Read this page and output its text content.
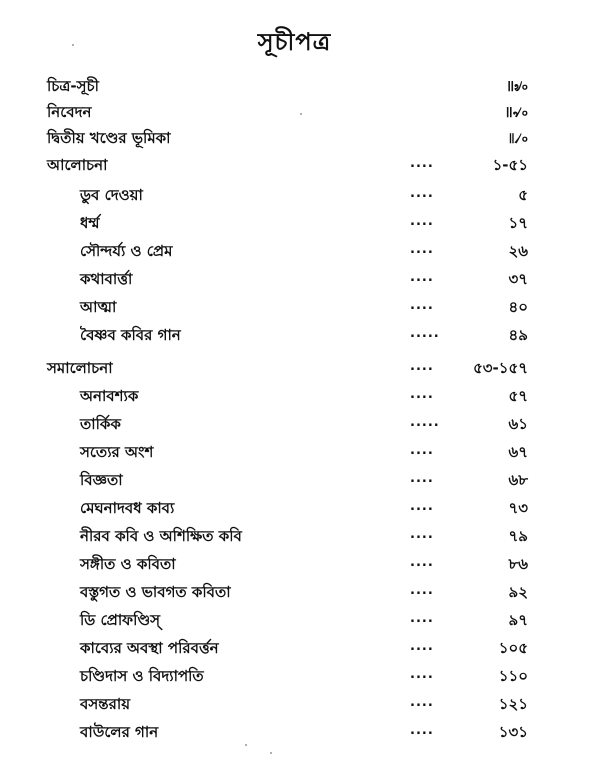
সূচীপত্র
চিত্র-সূচী	॥৶৹
নিবেদন	॥৵৹
দ্বিতীয় খণ্ডের ভূমিকা	৷৷৴৹
আলোচনা	....	১-৫১
ডুব দেওয়া	....	৫
ধর্ম্ম	....	১৭
সৌন্দর্য্য ও প্রেম	....	২৬
কথাবার্ত্তা	....	৩৭
আত্মা	....	৪০
বৈষ্ণব কবির গান	.....	৪৯
সমালোচনা	....	৫৩-১৫৭
অনাবশ্যক	....	৫৭
তার্কিক	.....	৬১
সত্যের অংশ	....	৬৭
বিজ্ঞতা	....	৬৮
মেঘনাদবধ কাব্য	....	৭৩
নীরব কবি ও অশিক্ষিত কবি	....	৭৯
সঙ্গীত ও কবিতা	....	৮৬
বস্তুগত ও ভাবগত কবিতা	....	৯২
ডি প্রোফণ্ডিস্‌	....	৯৭
কাব্যের অবস্থা পরিবর্ত্তন	....	১০৫
চণ্ডিদাস ও বিদ্যাপতি	....	১১০
বসন্তরায়	....	১২১
বাউলের গান	....	১৩১
